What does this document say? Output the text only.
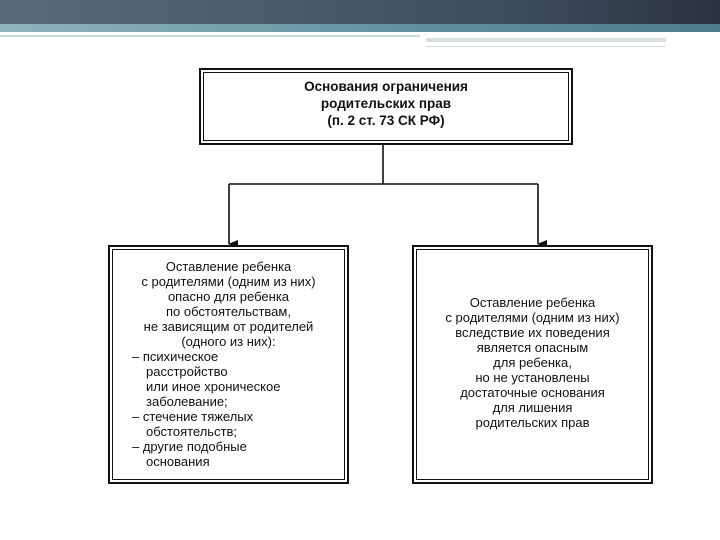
Основания ограничения
родительских прав
(п. 2 ст. 73 СК РФ)
Оставление ребенка
с родителями (одним из них)
опасно для ребенка
по обстоятельствам,
не зависящим от родителей
(одного из них):
– психическое
расстройство
или иное хроническое
заболевание;
– стечение тяжелых
обстоятельств;
– другие подобные
основания
Оставление ребенка
с родителями (одним из них)
вследствие их поведения
является опасным
для ребенка,
но не установлены
достаточные основания
для лишения
родительских прав
